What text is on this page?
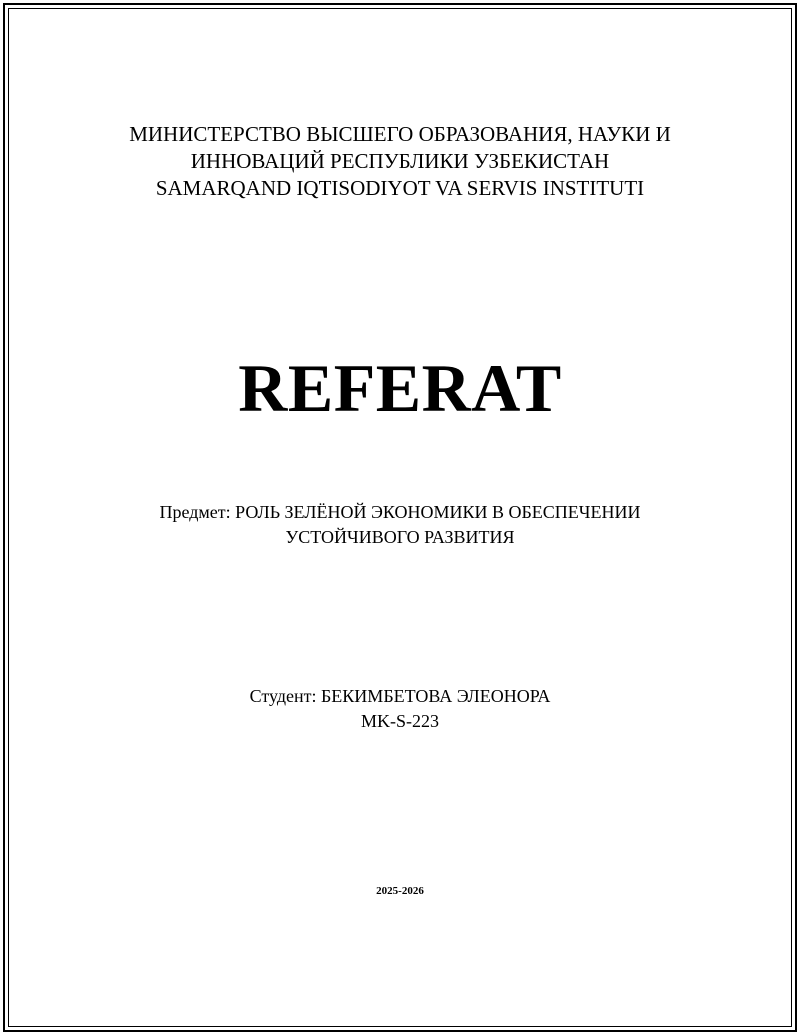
МИНИСТЕРСТВО ВЫСШЕГО ОБРАЗОВАНИЯ, НАУКИ И
ИННОВАЦИЙ РЕСПУБЛИКИ УЗБЕКИСТАН
SAMARQAND IQTISODIYOT VA SERVIS INSTITUTI
REFERAT
Предмет: РОЛЬ ЗЕЛЁНОЙ ЭКОНОМИКИ В ОБЕСПЕЧЕНИИ
УСТОЙЧИВОГО РАЗВИТИЯ
Студент: БЕКИМБЕТОВА ЭЛЕОНОРА
MK-S-223
2025-2026
